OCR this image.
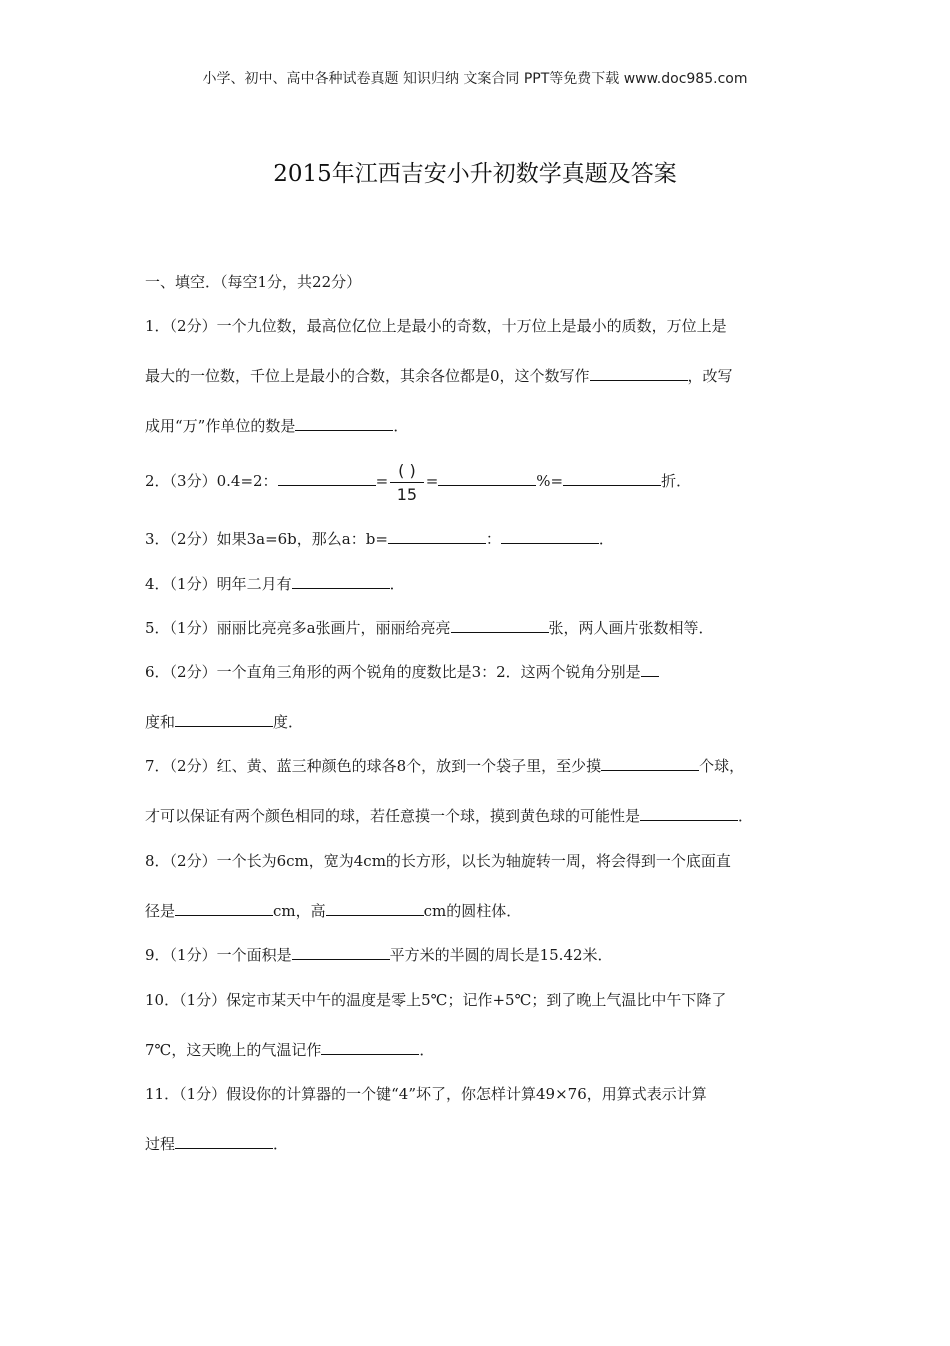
小学、初中、高中各种试卷真题 知识归纳 文案合同 PPT等免费下载 www.doc985.com
2015年江西吉安小升初数学真题及答案
一、填空．（每空1分，共22分）
1．（2分）一个九位数，最高位亿位上是最小的奇数，十万位上是最小的质数，万位上是
最大的一位数，千位上是最小的合数，其余各位都是0，这个数写作	，改写
成用“万”作单位的数是	．
2．（3分）0.4=2：	= $\frac{( )}{15}$ =	%=	折．
3．（2分）如果3a=6b，那么a：b=	：	．
4．（1分）明年二月有	．
5．（1分）丽丽比亮亮多a张画片，丽丽给亮亮	张，两人画片张数相等．
6．（2分）一个直角三角形的两个锐角的度数比是3：2．这两个锐角分别是
度和	度．
7．（2分）红、黄、蓝三种颜色的球各8个，放到一个袋子里，至少摸	个球，
才可以保证有两个颜色相同的球，若任意摸一个球，摸到黄色球的可能性是	．
8．（2分）一个长为6cm，宽为4cm的长方形，以长为轴旋转一周，将会得到一个底面直
径是	cm，高	cm的圆柱体．
9．（1分）一个面积是	平方米的半圆的周长是15.42米．
10．（1分）保定市某天中午的温度是零上5℃；记作+5℃；到了晚上气温比中午下降了
7℃，这天晚上的气温记作	．
11．（1分）假设你的计算器的一个键“4”坏了，你怎样计算49×76，用算式表示计算
过程	．
